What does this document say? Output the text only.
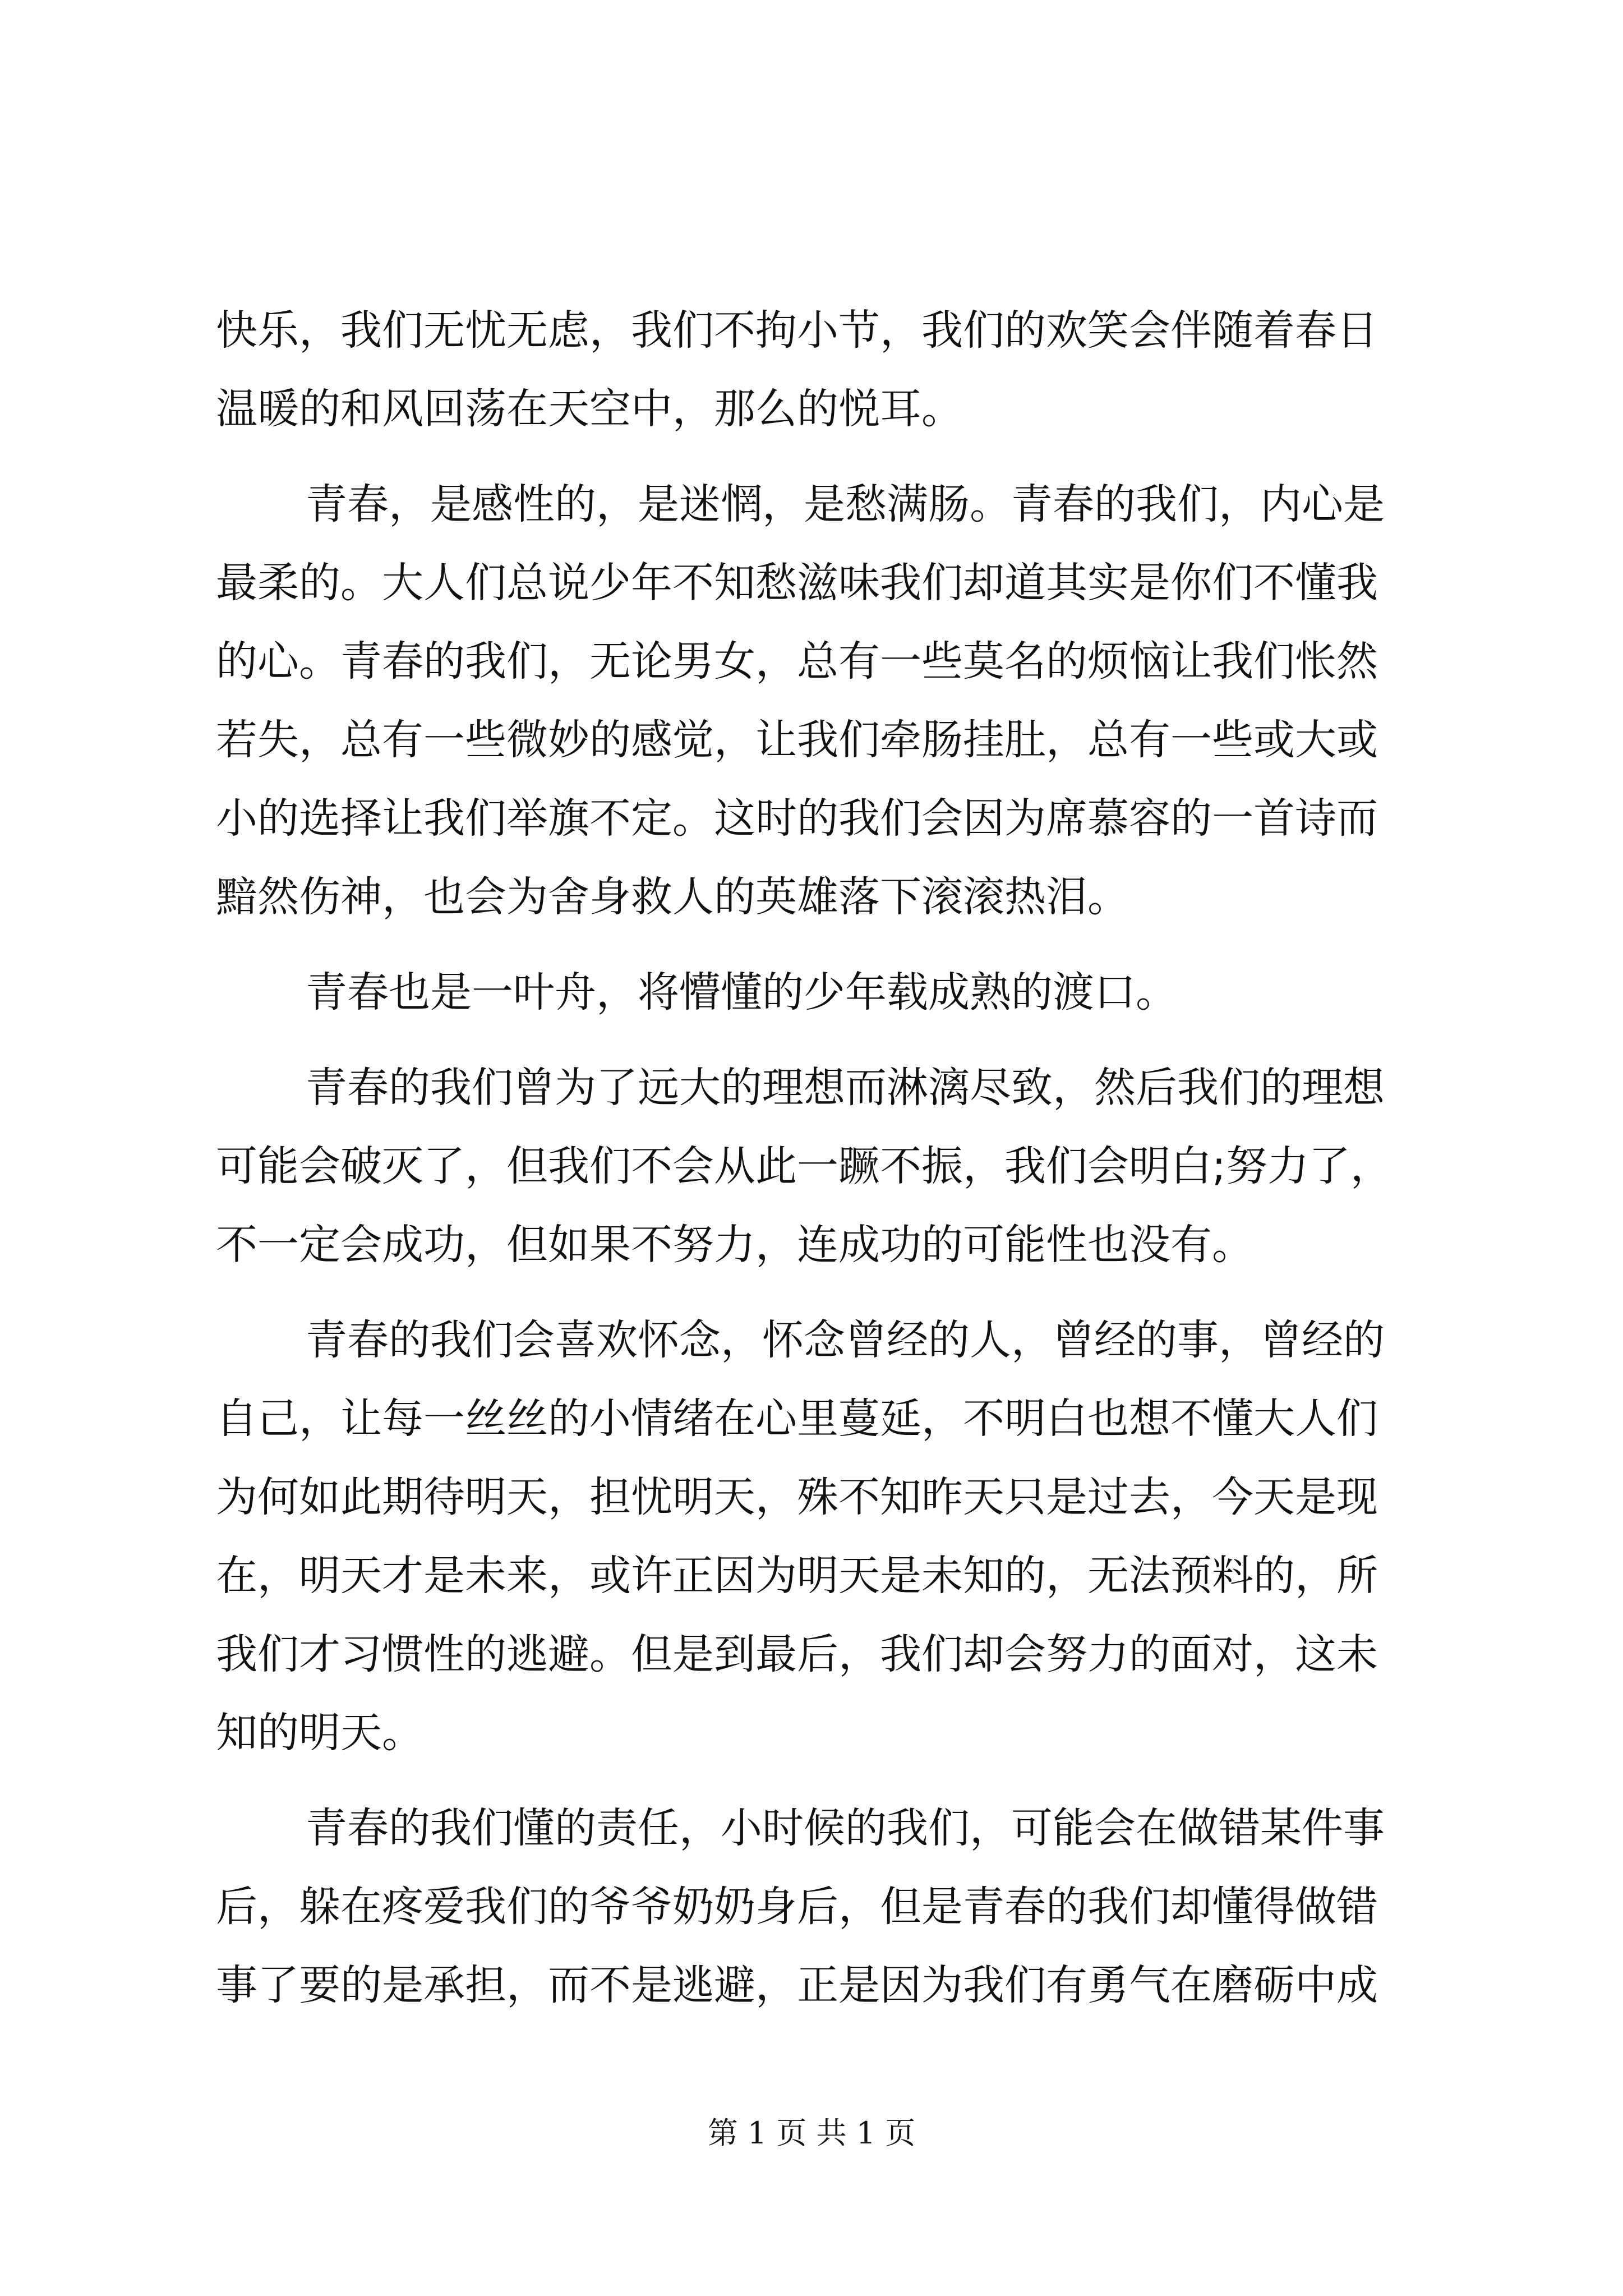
快乐，我们无忧无虑，我们不拘小节，我们的欢笑会伴随着春日

温暖的和风回荡在天空中，那么的悦耳。

青春，是感性的，是迷惘，是愁满肠。青春的我们，内心是

最柔的。大人们总说少年不知愁滋味我们却道其实是你们不懂我

的心。青春的我们，无论男女，总有一些莫名的烦恼让我们怅然

若失，总有一些微妙的感觉，让我们牵肠挂肚，总有一些或大或

小的选择让我们举旗不定。这时的我们会因为席慕容的一首诗而

黯然伤神，也会为舍身救人的英雄落下滚滚热泪。

青春也是一叶舟，将懵懂的少年载成熟的渡口。

青春的我们曾为了远大的理想而淋漓尽致，然后我们的理想

可能会破灭了，但我们不会从此一蹶不振，我们会明白;努力了，

不一定会成功，但如果不努力，连成功的可能性也没有。

青春的我们会喜欢怀念，怀念曾经的人，曾经的事，曾经的

自己，让每一丝丝的小情绪在心里蔓延，不明白也想不懂大人们

为何如此期待明天，担忧明天，殊不知昨天只是过去，今天是现

在，明天才是未来，或许正因为明天是未知的，无法预料的，所

我们才习惯性的逃避。但是到最后，我们却会努力的面对，这未

知的明天。

青春的我们懂的责任，小时候的我们，可能会在做错某件事

后，躲在疼爱我们的爷爷奶奶身后，但是青春的我们却懂得做错

事了要的是承担，而不是逃避，正是因为我们有勇气在磨砺中成

第 1 页 共 1 页
